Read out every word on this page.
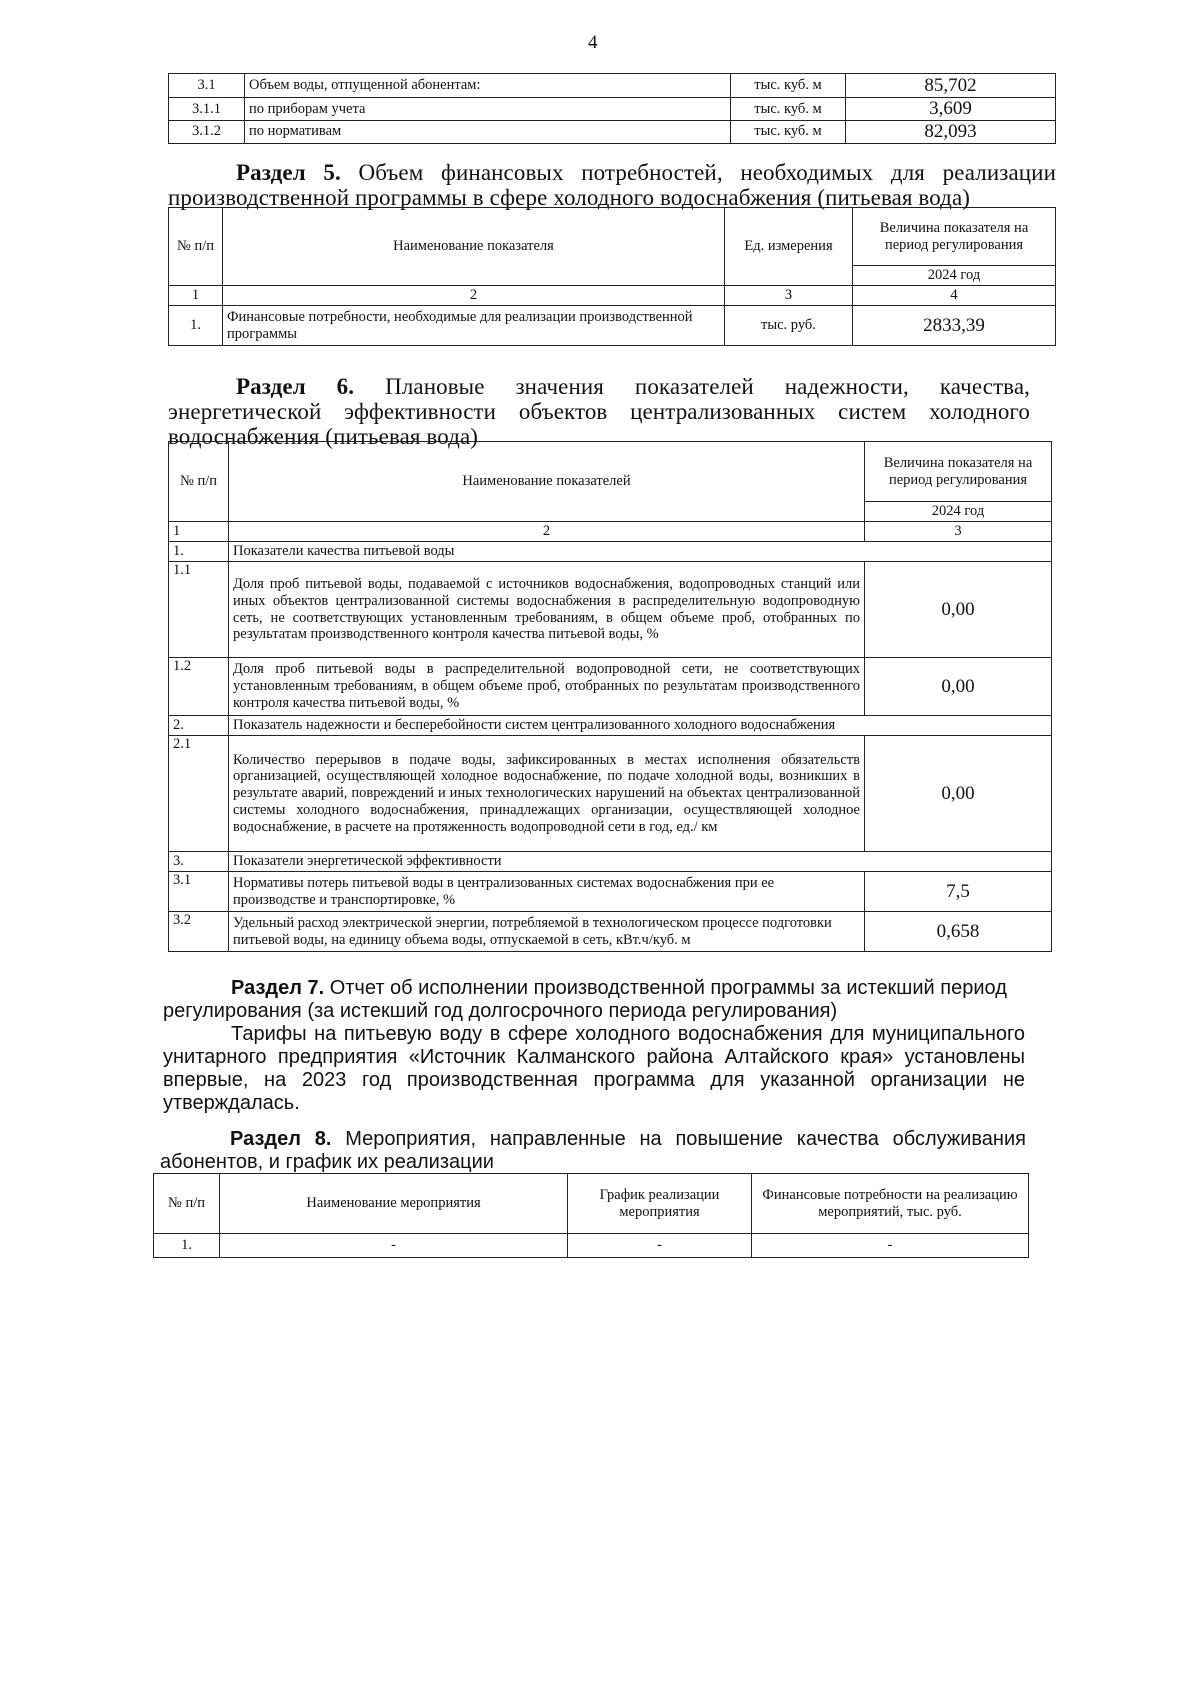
4
3.1	Объем воды, отпущенной абонентам:	тыс. куб. м	85,702
3.1.1	по приборам учета	тыс. куб. м	3,609
3.1.2	по нормативам	тыс. куб. м	82,093
Раздел 5. Объем финансовых потребностей, необходимых для реализации производственной программы в сфере холодного водоснабжения (питьевая вода)
№ п/п	Наименование показателя	Ед. измерения	Величина показателя на период регулирования
			2024 год
1	2	3	4
1.	Финансовые потребности, необходимые для реализации производственной программы	тыс. руб.	2833,39
Раздел 6. Плановые значения показателей надежности, качества, энергетической эффективности объектов централизованных систем холодного водоснабжения (питьевая вода)
№ п/п	Наименование показателей	Величина показателя на период регулирования
		2024 год
1	2	3
1.	Показатели качества питьевой воды	
1.1	Доля проб питьевой воды, подаваемой с источников водоснабжения, водопроводных станций или иных объектов централизованной системы водоснабжения в распределительную водопроводную сеть, не соответствующих установленным требованиям, в общем объеме проб, отобранных по результатам производственного контроля качества питьевой воды, %	0,00
1.2	Доля проб питьевой воды в распределительной водопроводной сети, не соответствующих установленным требованиям, в общем объеме проб, отобранных по результатам производственного контроля качества питьевой воды, %	0,00
2.	Показатель надежности и бесперебойности систем централизованного холодного водоснабжения	
2.1	Количество перерывов в подаче воды, зафиксированных в местах исполнения обязательств организацией, осуществляющей холодное водоснабжение, по подаче холодной воды, возникших в результате аварий, повреждений и иных технологических нарушений на объектах централизованной системы холодного водоснабжения, принадлежащих организации, осуществляющей холодное водоснабжение, в расчете на протяженность водопроводной сети в год, ед./ км	0,00
3.	Показатели энергетической эффективности	
3.1	Нормативы потерь питьевой воды в централизованных системах водоснабжения при ее производстве и транспортировке, %	7,5
3.2	Удельный расход электрической энергии, потребляемой в технологическом процессе подготовки питьевой воды, на единицу объема воды, отпускаемой в сеть, кВт.ч/куб. м	0,658
Раздел 7. Отчет об исполнении производственной программы за истекший период регулирования (за истекший год долгосрочного периода регулирования)
Тарифы на питьевую воду в сфере холодного водоснабжения для муниципального унитарного предприятия «Источник Калманского района Алтайского края» установлены впервые, на 2023 год производственная программа для указанной организации не утверждалась.
Раздел 8. Мероприятия, направленные на повышение качества обслуживания абонентов, и график их реализации
№ п/п	Наименование мероприятия	График реализации мероприятия	Финансовые потребности на реализацию мероприятий, тыс. руб.
1.	-	-	-
